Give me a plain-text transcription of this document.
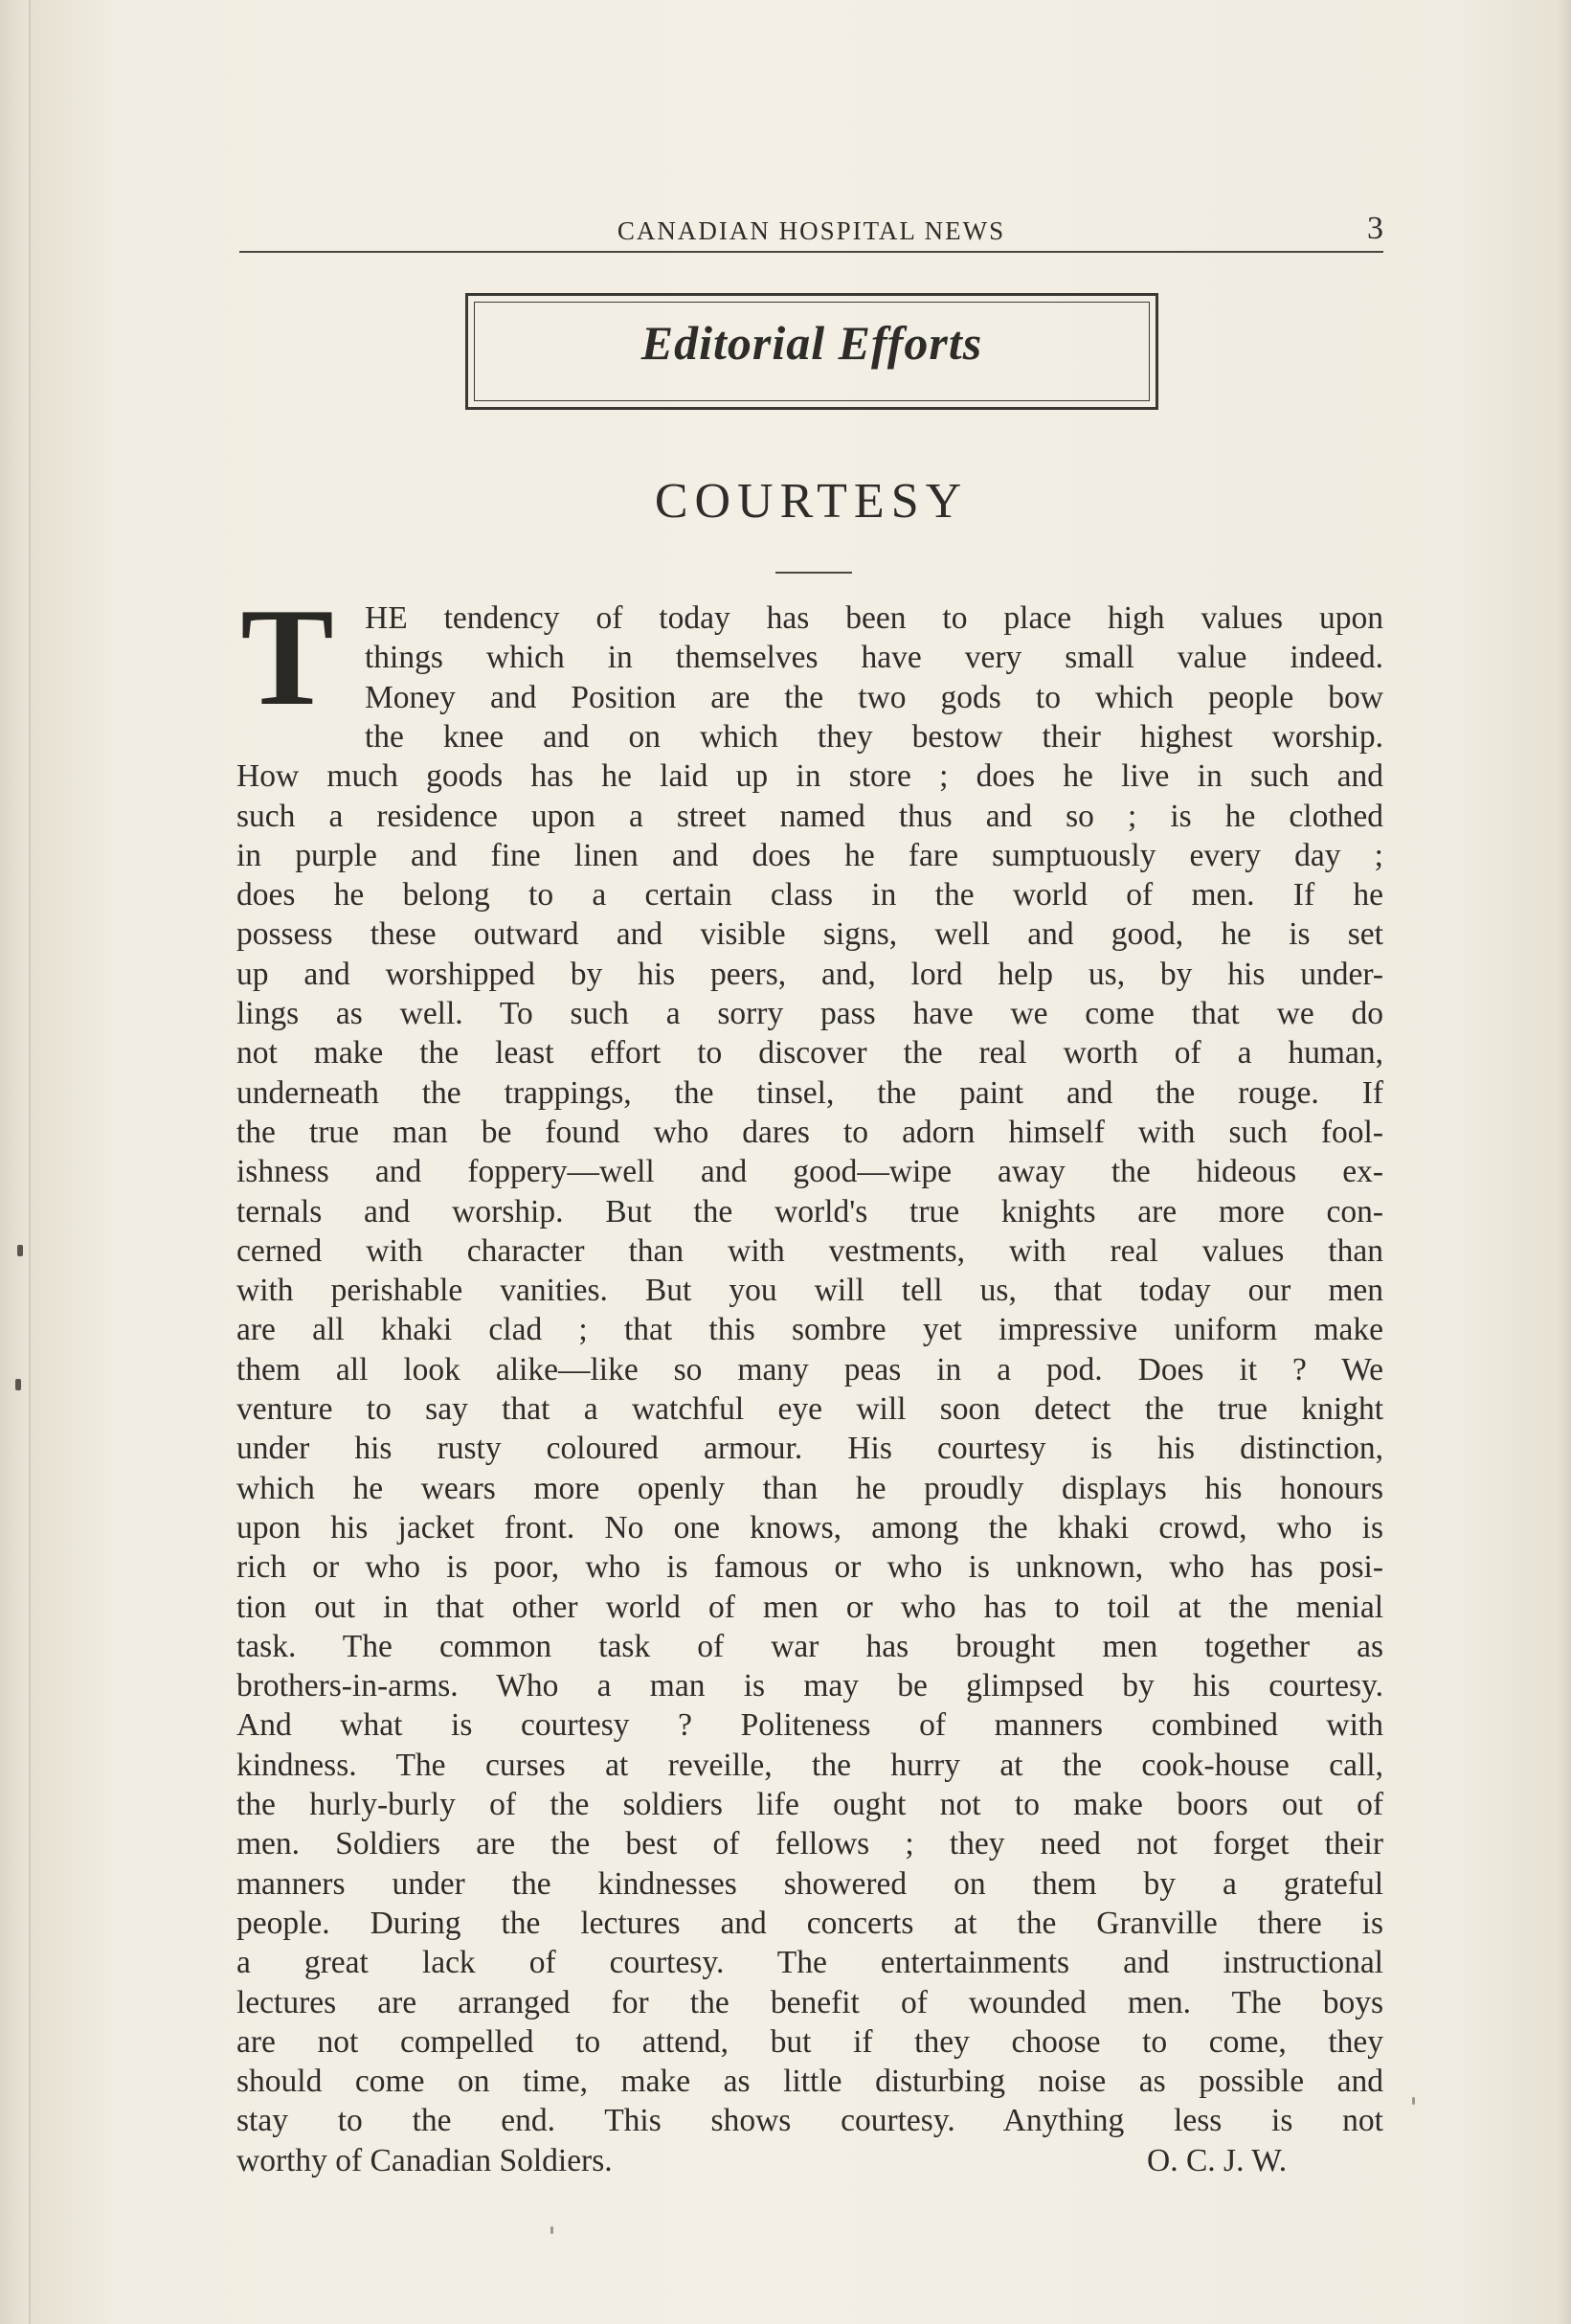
CANADIAN HOSPITAL NEWS	3
Editorial Efforts
COURTESY
T HE tendency of today has been to place high values upon
things which in themselves have very small value indeed.
Money and Position are the two gods to which people bow
the knee and on which they bestow their highest worship.
How much goods has he laid up in store ; does he live in such and
such a residence upon a street named thus and so ; is he clothed
in purple and fine linen and does he fare sumptuously every day ;
does he belong to a certain class in the world of men. If he
possess these outward and visible signs, well and good, he is set
up and worshipped by his peers, and, lord help us, by his under-
lings as well. To such a sorry pass have we come that we do
not make the least effort to discover the real worth of a human,
underneath the trappings, the tinsel, the paint and the rouge. If
the true man be found who dares to adorn himself with such fool-
ishness and foppery—well and good—wipe away the hideous ex-
ternals and worship. But the world's true knights are more con-
cerned with character than with vestments, with real values than
with perishable vanities. But you will tell us, that today our men
are all khaki clad ; that this sombre yet impressive uniform make
them all look alike—like so many peas in a pod. Does it ? We
venture to say that a watchful eye will soon detect the true knight
under his rusty coloured armour. His courtesy is his distinction,
which he wears more openly than he proudly displays his honours
upon his jacket front. No one knows, among the khaki crowd, who is
rich or who is poor, who is famous or who is unknown, who has posi-
tion out in that other world of men or who has to toil at the menial
task. The common task of war has brought men together as
brothers-in-arms. Who a man is may be glimpsed by his courtesy.
And what is courtesy ? Politeness of manners combined with
kindness. The curses at reveille, the hurry at the cook-house call,
the hurly-burly of the soldiers life ought not to make boors out of
men. Soldiers are the best of fellows ; they need not forget their
manners under the kindnesses showered on them by a grateful
people. During the lectures and concerts at the Granville there is
a great lack of courtesy. The entertainments and instructional
lectures are arranged for the benefit of wounded men. The boys
are not compelled to attend, but if they choose to come, they
should come on time, make as little disturbing noise as possible and
stay to the end. This shows courtesy. Anything less is not
worthy of Canadian Soldiers.	O. C. J. W.
